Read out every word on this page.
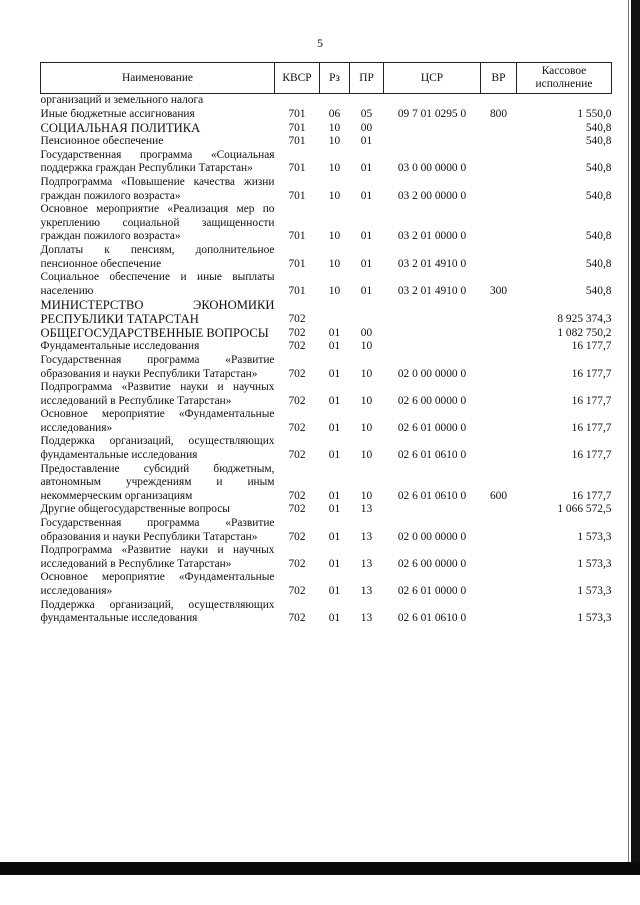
5
Наименование	КВСР	Рз	ПР	ЦСР	ВР	Кассовое исполнение
организаций и земельного налога						
Иные бюджетные ассигнования	701	06	05	09 7 01 0295 0	800	1 550,0
СОЦИАЛЬНАЯ ПОЛИТИКА	701	10	00			540,8
Пенсионное обеспечение	701	10	01			540,8
Государственная программа «Социальная поддержка граждан Республики Татарстан»	701	10	01	03 0 00 0000 0		540,8
Подпрограмма «Повышение качества жизни граждан пожилого возраста»	701	10	01	03 2 00 0000 0		540,8
Основное мероприятие «Реализация мер по укреплению социальной защищенности граждан пожилого возраста»	701	10	01	03 2 01 0000 0		540,8
Доплаты к пенсиям, дополнительное пенсионное обеспечение	701	10	01	03 2 01 4910 0		540,8
Социальное обеспечение и иные выплаты населению	701	10	01	03 2 01 4910 0	300	540,8
МИНИСТЕРСТВО ЭКОНОМИКИ РЕСПУБЛИКИ ТАТАРСТАН	702					8 925 374,3
ОБЩЕГОСУДАРСТВЕННЫЕ ВОПРОСЫ	702	01	00			1 082 750,2
Фундаментальные исследования	702	01	10			16 177,7
Государственная программа «Развитие образования и науки Республики Татарстан»	702	01	10	02 0 00 0000 0		16 177,7
Подпрограмма «Развитие науки и научных исследований в Республике Татарстан»	702	01	10	02 6 00 0000 0		16 177,7
Основное мероприятие «Фундаментальные исследования»	702	01	10	02 6 01 0000 0		16 177,7
Поддержка организаций, осуществляющих фундаментальные исследования	702	01	10	02 6 01 0610 0		16 177,7
Предоставление субсидий бюджетным, автономным учреждениям и иным некоммерческим организациям	702	01	10	02 6 01 0610 0	600	16 177,7
Другие общегосударственные вопросы	702	01	13			1 066 572,5
Государственная программа «Развитие образования и науки Республики Татарстан»	702	01	13	02 0 00 0000 0		1 573,3
Подпрограмма «Развитие науки и научных исследований в Республике Татарстан»	702	01	13	02 6 00 0000 0		1 573,3
Основное мероприятие «Фундаментальные исследования»	702	01	13	02 6 01 0000 0		1 573,3
Поддержка организаций, осуществляющих фундаментальные исследования	702	01	13	02 6 01 0610 0		1 573,3
